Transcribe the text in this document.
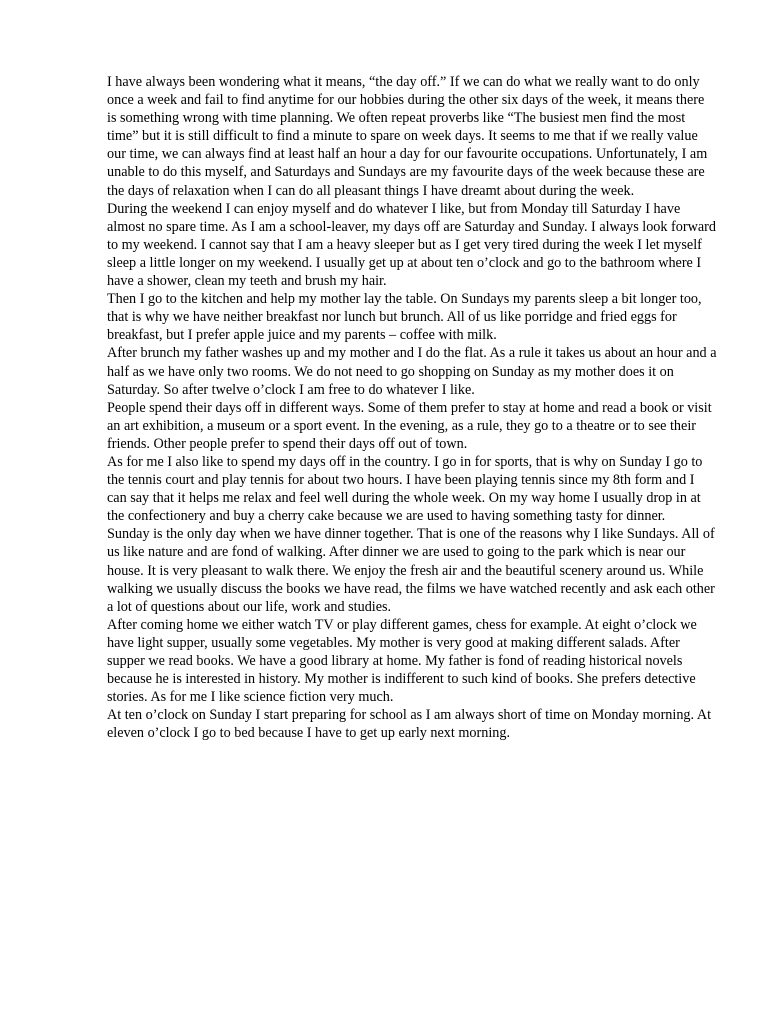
I have always been wondering what it means, “the day off.” If we can do what we really want to do only once a week and fail to find anytime for our hobbies during the other six days of the week, it means there is something wrong with time planning. We often repeat proverbs like “The busiest men find the most time” but it is still difficult to find a minute to spare on week days. It seems to me that if we really value our time, we can always find at least half an hour a day for our favourite occupations. Unfortunately, I am unable to do this myself, and Saturdays and Sundays are my favourite days of the week because these are the days of relaxation when I can do all pleasant things I have dreamt about during the week.

During the weekend I can enjoy myself and do whatever I like, but from Monday till Saturday I have almost no spare time. As I am a school-leaver, my days off are Saturday and Sunday. I always look forward to my weekend. I cannot say that I am a heavy sleeper but as I get very tired during the week I let myself sleep a little longer on my weekend. I usually get up at about ten o’clock and go to the bathroom where I have a shower, clean my teeth and brush my hair.

Then I go to the kitchen and help my mother lay the table. On Sundays my parents sleep a bit longer too, that is why we have neither breakfast nor lunch but brunch. All of us like porridge and fried eggs for breakfast, but I prefer apple juice and my parents – coffee with milk.

After brunch my father washes up and my mother and I do the flat. As a rule it takes us about an hour and a half as we have only two rooms. We do not need to go shopping on Sunday as my mother does it on Saturday. So after twelve o’clock I am free to do whatever I like.

People spend their days off in different ways. Some of them prefer to stay at home and read a book or visit an art exhibition, a museum or a sport event. In the evening, as a rule, they go to a theatre or to see their friends. Other people prefer to spend their days off out of town.

As for me I also like to spend my days off in the country. I go in for sports, that is why on Sunday I go to the tennis court and play tennis for about two hours. I have been playing tennis since my 8th form and I can say that it helps me relax and feel well during the whole week. On my way home I usually drop in at the confectionery and buy a cherry cake because we are used to having something tasty for dinner.

Sunday is the only day when we have dinner together. That is one of the reasons why I like Sundays. All of us like nature and are fond of walking. After dinner we are used to going to the park which is near our house. It is very pleasant to walk there. We enjoy the fresh air and the beautiful scenery around us. While walking we usually discuss the books we have read, the films we have watched recently and ask each other a lot of questions about our life, work and studies.

After coming home we either watch TV or play different games, chess for example. At eight o’clock we have light supper, usually some vegetables. My mother is very good at making different salads. After supper we read books. We have a good library at home. My father is fond of reading historical novels because he is interested in history. My mother is indifferent to such kind of books. She prefers detective stories. As for me I like science fiction very much.

At ten o’clock on Sunday I start preparing for school as I am always short of time on Monday morning. At eleven o’clock I go to bed because I have to get up early next morning.
